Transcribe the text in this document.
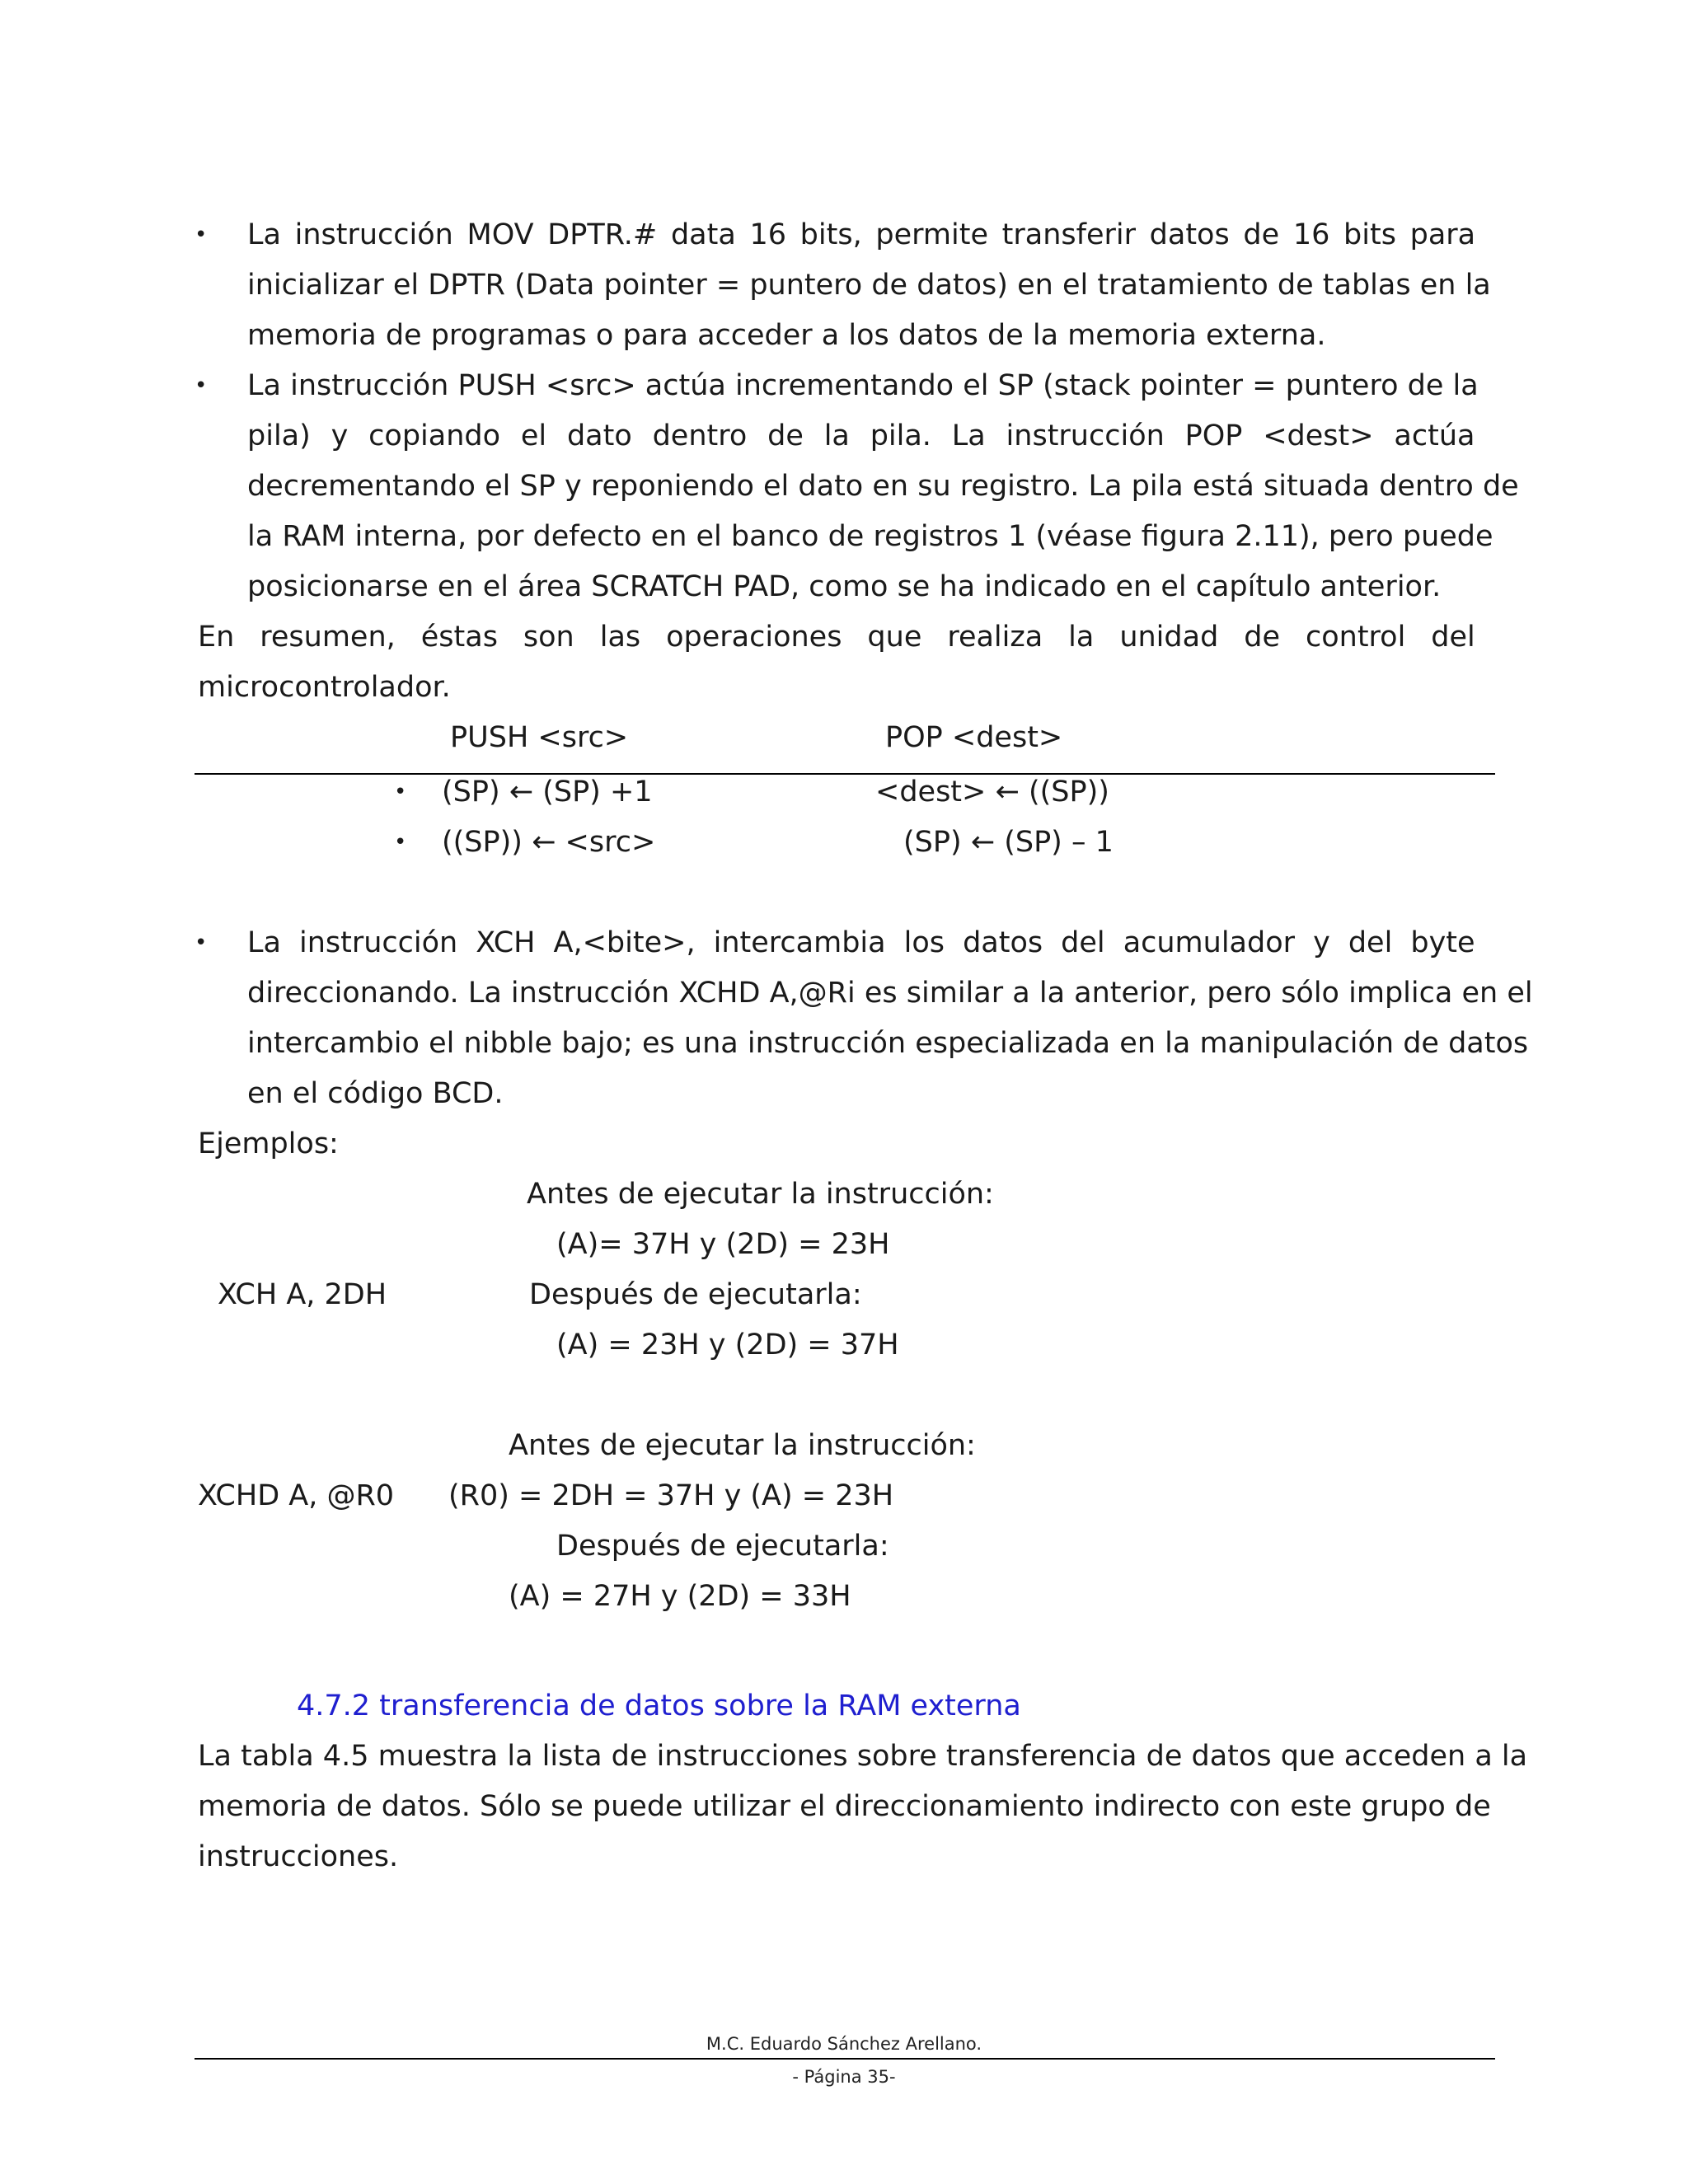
• La instrucción MOV DPTR.# data 16 bits, permite transferir datos de 16 bits para
inicializar el DPTR (Data pointer = puntero de datos) en el tratamiento de tablas en la
memoria de programas o para acceder a los datos de la memoria externa.
• La instrucción PUSH <src> actúa incrementando el SP (stack pointer = puntero de la
pila) y copiando el dato dentro de la pila. La instrucción POP <dest> actúa
decrementando el SP y reponiendo el dato en su registro. La pila está situada dentro de
la RAM interna, por defecto en el banco de registros 1 (véase figura 2.11), pero puede
posicionarse en el área SCRATCH PAD, como se ha indicado en el capítulo anterior.
En resumen, éstas son las operaciones que realiza la unidad de control del
microcontrolador.
PUSH <src>	POP <dest>
• (SP) ← (SP) +1	<dest> ← ((SP))
• ((SP)) ← <src>	(SP) ← (SP) – 1
• La instrucción XCH A,<bite>, intercambia los datos del acumulador y del byte
direccionando. La instrucción XCHD A,@Ri es similar a la anterior, pero sólo implica en el
intercambio el nibble bajo; es una instrucción especializada en la manipulación de datos
en el código BCD.
Ejemplos:
Antes de ejecutar la instrucción:
(A)= 37H y (2D) = 23H
XCH A, 2DH	Después de ejecutarla:
(A) = 23H y (2D) = 37H
Antes de ejecutar la instrucción:
XCHD A, @R0 (R0) = 2DH = 37H y (A) = 23H
Después de ejecutarla:
(A) = 27H y (2D) = 33H
4.7.2 transferencia de datos sobre la RAM externa
La tabla 4.5 muestra la lista de instrucciones sobre transferencia de datos que acceden a la
memoria de datos. Sólo se puede utilizar el direccionamiento indirecto con este grupo de
instrucciones.
M.C. Eduardo Sánchez Arellano.
- Página 35-
